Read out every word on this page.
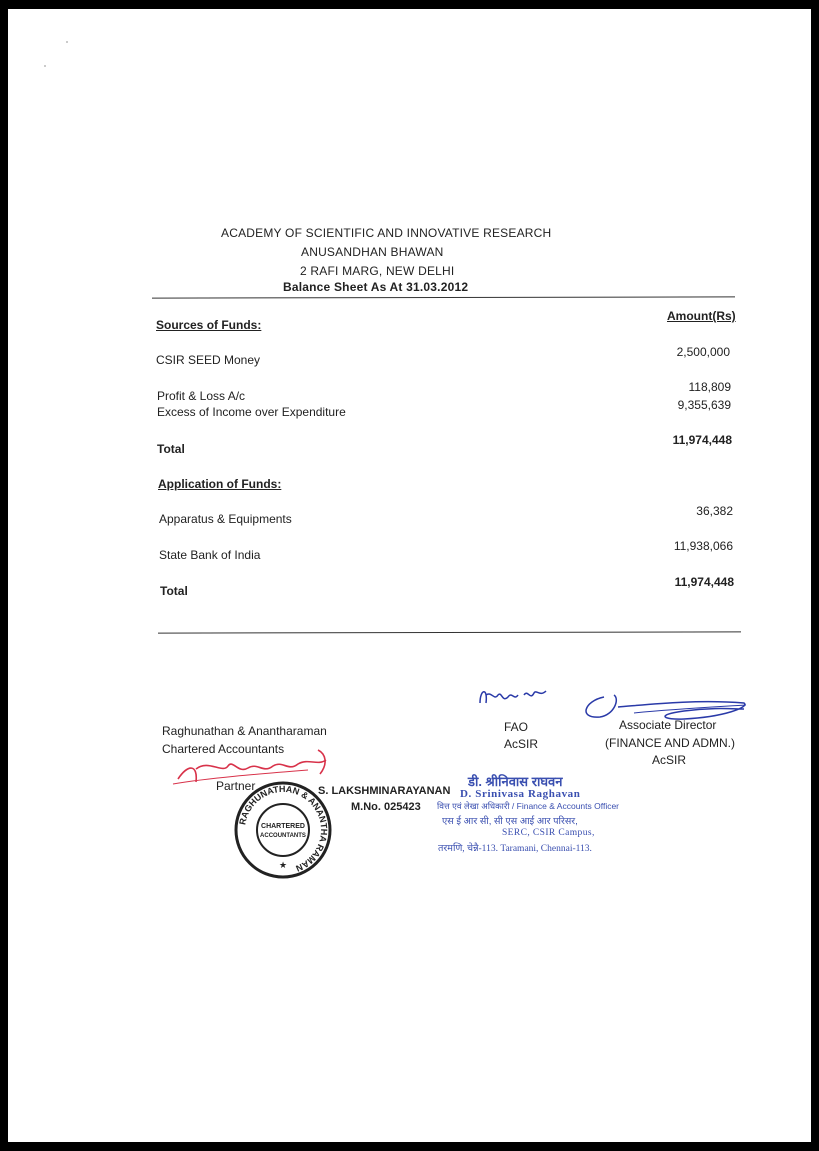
ACADEMY OF SCIENTIFIC AND INNOVATIVE RESEARCH
ANUSANDHAN BHAWAN
2 RAFI MARG, NEW DELHI
Balance Sheet As At 31.03.2012
Amount(Rs)
Sources of Funds:
CSIR SEED Money
2,500,000
Profit & Loss A/c
118,809
Excess of Income over Expenditure	9,355,639
Total
11,974,448
Application of Funds:
Apparatus & Equipments
36,382
State Bank of India
11,938,066
Total
11,974,448
Raghunathan & Anantharaman
Chartered Accountants
Partner	S. LAKSHMINARAYANAN
M.No. 025423
RAGHUNATHAN & ANANTHA RAMAN
CHARTERED
ACCOUNTANTS
★
FAO
AcSIR
डी. श्रीनिवास राघवन
D. Srinivasa Raghavan
वित्त एवं लेखा अधिकारी / Finance & Accounts Officer
एस ई आर सी, सी एस आई आर परिसर,
SERC, CSIR Campus,
तरमणि, चेन्नै-113. Taramani, Chennai-113.
Associate Director
(FINANCE AND ADMN.)
AcSIR
